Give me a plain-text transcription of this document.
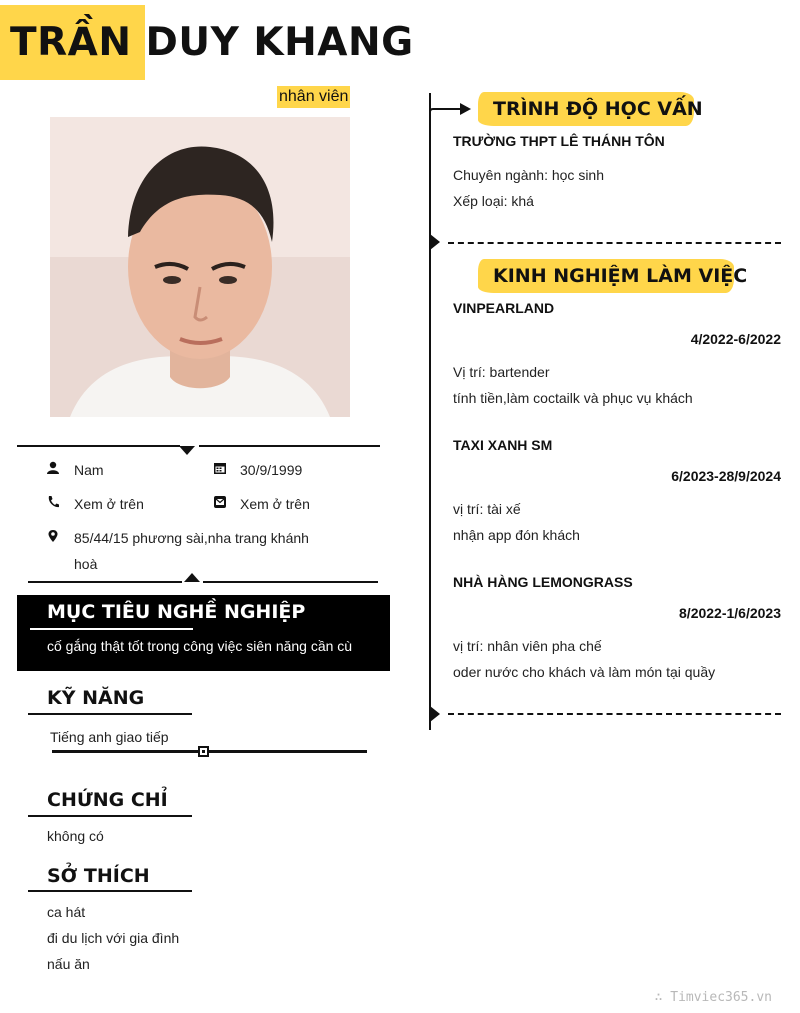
TRẦN DUY KHANG
nhân viên
Nam	30/9/1999
Xem ở trên	Xem ở trên
85/44/15 phương sài,nha trang khánh
hoà
MỤC TIÊU NGHỀ NGHIỆP
cố gắng thật tốt trong công việc siên năng cần cù
KỸ NĂNG
Tiếng anh giao tiếp
CHỨNG CHỈ
không có
SỞ THÍCH
ca hát
đi du lịch với gia đình
nấu ăn
TRÌNH ĐỘ HỌC VẤN
TRƯỜNG THPT LÊ THÁNH TÔN
Chuyên ngành: học sinh
Xếp loại: khá
KINH NGHIỆM LÀM VIỆC
VINPEARLAND
4/2022-6/2022
Vị trí: bartender
tính tiền,làm coctailk và phục vụ khách
TAXI XANH SM
6/2023-28/9/2024
vị trí: tài xế
nhận app đón khách
NHÀ HÀNG LEMONGRASS
8/2022-1/6/2023
vị trí: nhân viên pha chế
oder nước cho khách và làm món tại quầy
∴ Timviec365.vn
